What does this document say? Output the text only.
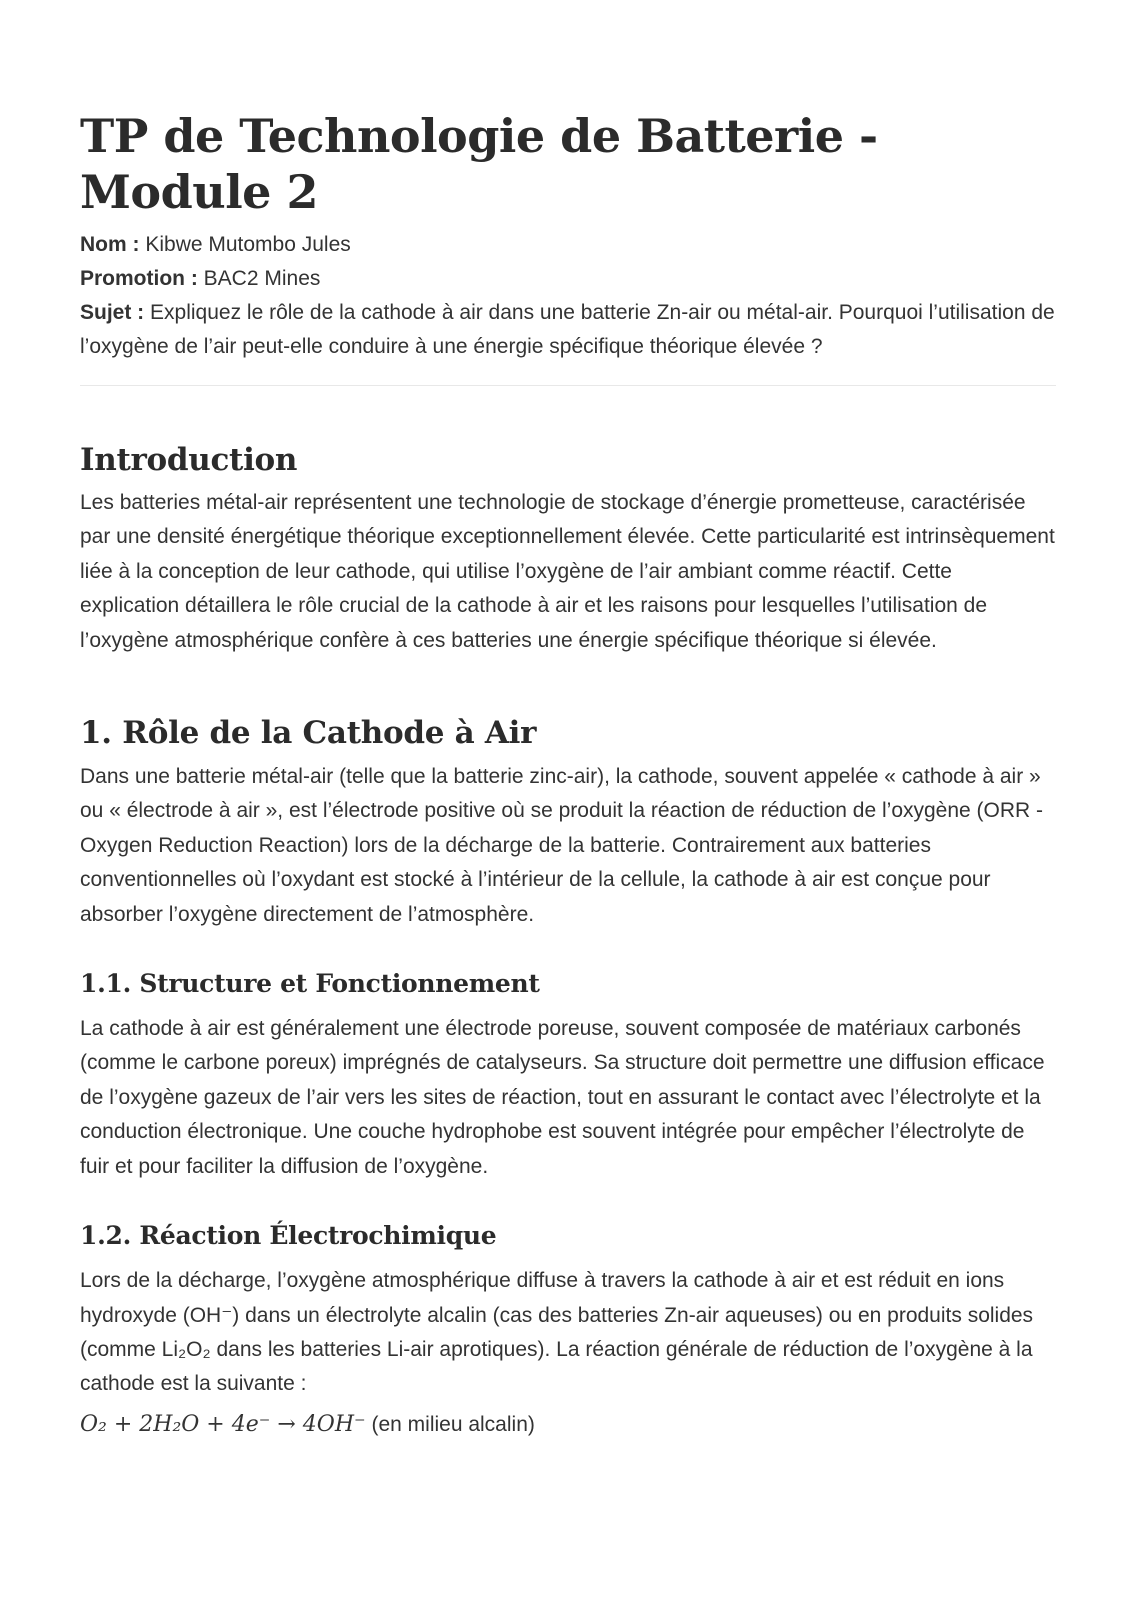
TP de Technologie de Batterie - Module 2
Nom : Kibwe Mutombo Jules
Promotion : BAC2 Mines
Sujet : Expliquez le rôle de la cathode à air dans une batterie Zn-air ou métal-air. Pourquoi l’utilisation de l’oxygène de l’air peut-elle conduire à une énergie spécifique théorique élevée ?
Introduction

Les batteries métal-air représentent une technologie de stockage d’énergie prometteuse, caractérisée par une densité énergétique théorique exceptionnellement élevée. Cette particularité est intrinsèquement liée à la conception de leur cathode, qui utilise l’oxygène de l’air ambiant comme réactif. Cette explication détaillera le rôle crucial de la cathode à air et les raisons pour lesquelles l’utilisation de l’oxygène atmosphérique confère à ces batteries une énergie spécifique théorique si élevée.

1. Rôle de la Cathode à Air

Dans une batterie métal-air (telle que la batterie zinc-air), la cathode, souvent appelée « cathode à air » ou « électrode à air », est l’électrode positive où se produit la réaction de réduction de l’oxygène (ORR - Oxygen Reduction Reaction) lors de la décharge de la batterie. Contrairement aux batteries conventionnelles où l’oxydant est stocké à l’intérieur de la cellule, la cathode à air est conçue pour absorber l’oxygène directement de l’atmosphère.

1.1. Structure et Fonctionnement

La cathode à air est généralement une électrode poreuse, souvent composée de matériaux carbonés (comme le carbone poreux) imprégnés de catalyseurs. Sa structure doit permettre une diffusion efficace de l’oxygène gazeux de l’air vers les sites de réaction, tout en assurant le contact avec l’électrolyte et la conduction électronique. Une couche hydrophobe est souvent intégrée pour empêcher l’électrolyte de fuir et pour faciliter la diffusion de l’oxygène.

1.2. Réaction Électrochimique

Lors de la décharge, l’oxygène atmosphérique diffuse à travers la cathode à air et est réduit en ions hydroxyde (OH⁻) dans un électrolyte alcalin (cas des batteries Zn-air aqueuses) ou en produits solides (comme Li₂O₂ dans les batteries Li-air aprotiques). La réaction générale de réduction de l’oxygène à la cathode est la suivante :

O₂ + 2H₂O + 4e⁻ → 4OH⁻ (en milieu alcalin)
